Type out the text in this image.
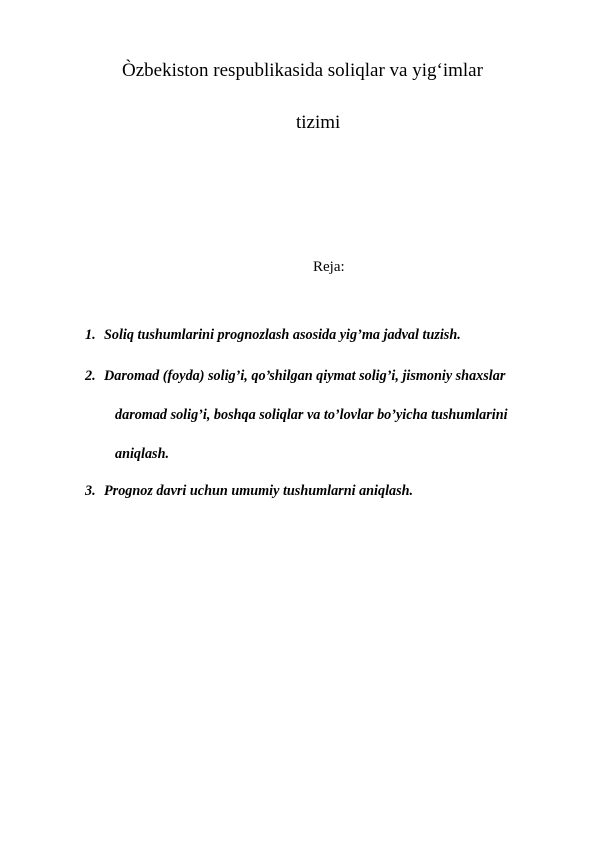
Òzbekiston respublikasida soliqlar va yig‘imlar
tizimi
Reja:
1. Soliq tushumlarini prognozlash asosida yig’ma jadval tuzish.
2. Daromad (foyda) solig’i, qo’shilgan qiymat solig’i, jismoniy shaxslar
daromad solig’i, boshqa soliqlar va to’lovlar bo’yicha tushumlarini
aniqlash.
3. Prognoz davri uchun umumiy tushumlarni aniqlash.
